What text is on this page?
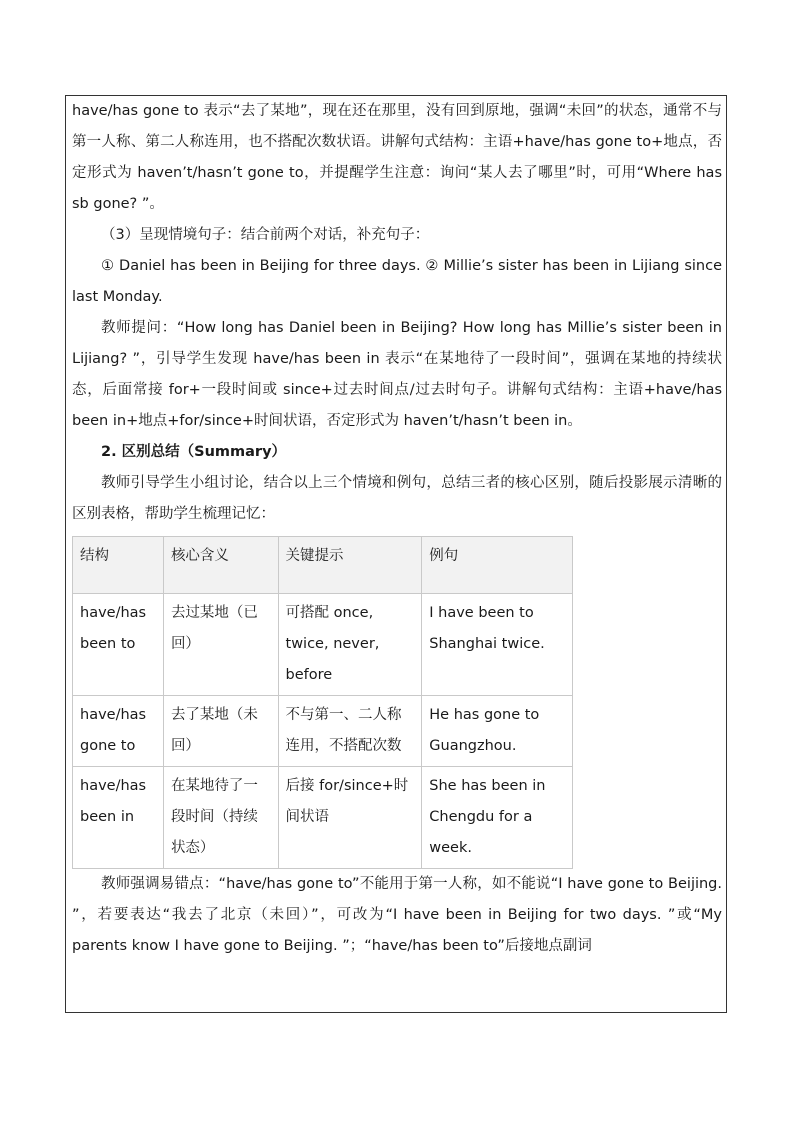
have/has gone to 表示“去了某地”，现在还在那里，没有回到原地，强调“未回”的状态，通常不与第一人称、第二人称连用，也不搭配次数状语。讲解句式结构：主语+have/has gone to+地点，否定形式为 haven’t/hasn’t gone to，并提醒学生注意：询问“某人去了哪里”时，可用“Where has sb gone? ”。

（3）呈现情境句子：结合前两个对话，补充句子：

① Daniel has been in Beijing for three days. ② Millie’s sister has been in Lijiang since last Monday.

教师提问：“How long has Daniel been in Beijing? How long has Millie’s sister been in Lijiang? ”，引导学生发现 have/has been in 表示“在某地待了一段时间”，强调在某地的持续状态，后面常接 for+一段时间或 since+过去时间点/过去时句子。讲解句式结构：主语+have/has been in+地点+for/since+时间状语，否定形式为 haven’t/hasn’t been in。

2. 区别总结（Summary）

教师引导学生小组讨论，结合以上三个情境和例句，总结三者的核心区别，随后投影展示清晰的区别表格，帮助学生梳理记忆：

结构	核心含义	关键提示	例句
have/has been to	去过某地（已回）	可搭配 once, twice, never, before	I have been to Shanghai twice.
have/has gone to	去了某地（未回）	不与第一、二人称连用，不搭配次数	He has gone to Guangzhou.
have/has been in	在某地待了一段时间（持续状态）	后接 for/since+时间状语	She has been in Chengdu for a week.

教师强调易错点：“have/has gone to”不能用于第一人称，如不能说“I have gone to Beijing. ”，若要表达“我去了北京（未回）”，可改为“I have been in Beijing for two days. ”或“My parents know I have gone to Beijing. ”；“have/has been to”后接地点副词
